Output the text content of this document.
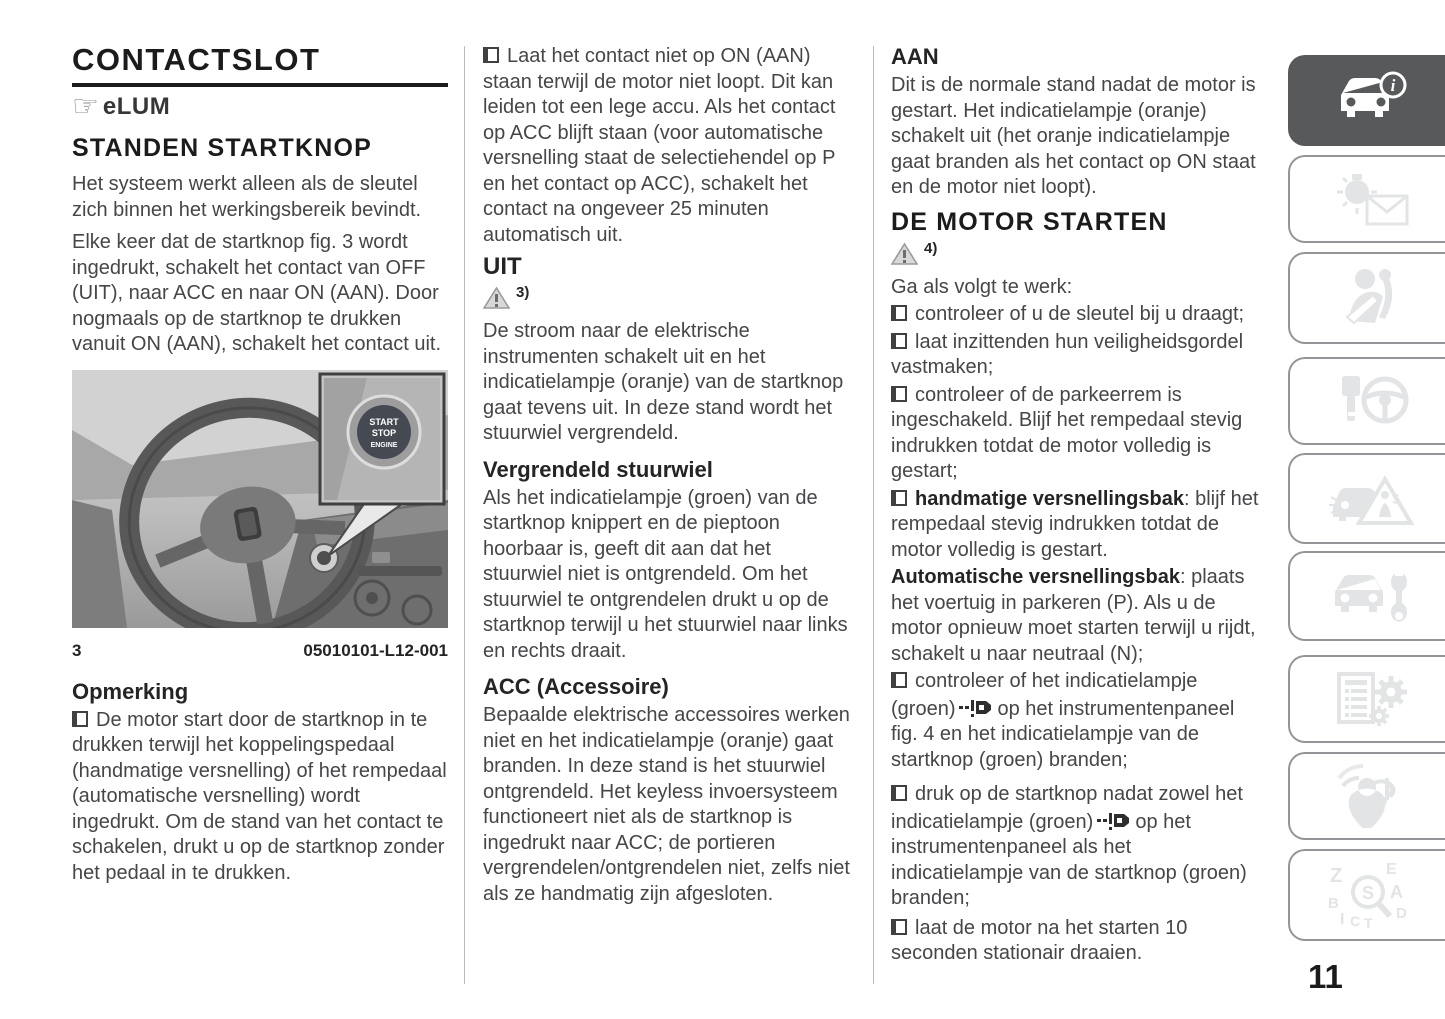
CONTACTSLOT
☞ eLUM
STANDEN STARTKNOP

Het systeem werkt alleen als de sleutel zich binnen het werkingsbereik bevindt.

Elke keer dat de startknop fig. 3 wordt ingedrukt, schakelt het contact van OFF (UIT), naar ACC en naar ON (AAN). Door nogmaals op de startknop te drukken vanuit ON (AAN), schakelt het contact uit.

START
STOP
ENGINE
3	05010101-L12-001
Opmerking

De motor start door de startknop in te drukken terwijl het koppelingspedaal (handmatige versnelling) of het rempedaal (automatische versnelling) wordt ingedrukt. Om de stand van het contact te schakelen, drukt u op de startknop zonder het pedaal in te drukken.

Laat het contact niet op ON (AAN) staan terwijl de motor niet loopt. Dit kan leiden tot een lege accu. Als het contact op ACC blijft staan (voor automatische versnelling staat de selectiehendel op P en het contact op ACC), schakelt het contact na ongeveer 25 minuten automatisch uit.

UIT
3)

De stroom naar de elektrische instrumenten schakelt uit en het indicatielampje (oranje) van de startknop gaat tevens uit. In deze stand wordt het stuurwiel vergrendeld.

Vergrendeld stuurwiel

Als het indicatielampje (groen) van de startknop knippert en de pieptoon hoorbaar is, geeft dit aan dat het stuurwiel niet is ontgrendeld. Om het stuurwiel te ontgrendelen drukt u op de startknop terwijl u het stuurwiel naar links en rechts draait.

ACC (Accessoire)

Bepaalde elektrische accessoires werken niet en het indicatielampje (oranje) gaat branden. In deze stand is het stuurwiel ontgrendeld. Het keyless invoersysteem functioneert niet als de startknop is ingedrukt naar ACC; de portieren vergrendelen/ontgrendelen niet, zelfs niet als ze handmatig zijn afgesloten.

AAN

Dit is de normale stand nadat de motor is gestart. Het indicatielampje (oranje) schakelt uit (het oranje indicatielampje gaat branden als het contact op ON staat en de motor niet loopt).

DE MOTOR STARTEN
4)

Ga als volgt te werk:

controleer of u de sleutel bij u draagt;

laat inzittenden hun veiligheidsgordel vastmaken;

controleer of de parkeerrem is ingeschakeld. Blijf het rempedaal stevig indrukken totdat de motor volledig is gestart;

handmatige versnellingsbak: blijf het rempedaal stevig indrukken totdat de motor volledig is gestart.

Automatische versnellingsbak: plaats het voertuig in parkeren (P). Als u de motor opnieuw moet starten terwijl u rijdt, schakelt u naar neutraal (N);

controleer of het indicatielampje (groen) op het instrumentenpaneel fig. 4 en het indicatielampje van de startknop (groen) branden;

druk op de startknop nadat zowel het indicatielampje (groen) op het instrumentenpaneel als het indicatielampje van de startknop (groen) branden;

laat de motor na het starten 10 seconden stationair draaien.

i
Z	E
B
A
D
I C T
S
11
